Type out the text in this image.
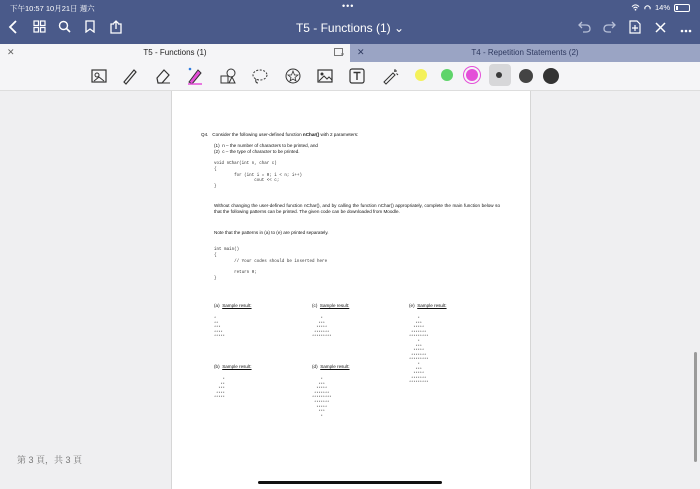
下午10:57 10月21日 週六	•••	14%
T5 - Functions (1) ⌄
✕	T5 - Functions (1)	✕	T4 - Repetition Statements (2)
Q4. Consider the following user-defined function nChar() with 2 parameters:
(1) n – the number of characters to be printed, and
(2) c – the type of character to be printed.
void nChar(int n, char c)
{
for (int i = 0; i < n; i++)
cout << c;
}
Without changing the user-defined function nChar(), and by calling the function nChar() appropriately, complete the main function below so that the following patterns can be printed. The given code can be downloaded from Moodle.
Note that the patterns in (a) to (e) are printed separately.
int main()
{
// Your codes should be inserted here

return 0;
}
(a) Sample result:
*
**
***
****
*****
(c) Sample result:
*
***
*****
*******
*********
(e) Sample result:
*
***
*****
*******
*********
*
***
*****
*******
*********
*
***
*****
*******
*********
(b) Sample result:
*
**
***
****
*****
(d) Sample result:
*
***
*****
*******
*********
*******
*****
***
*
第 3 頁，共 3 頁
